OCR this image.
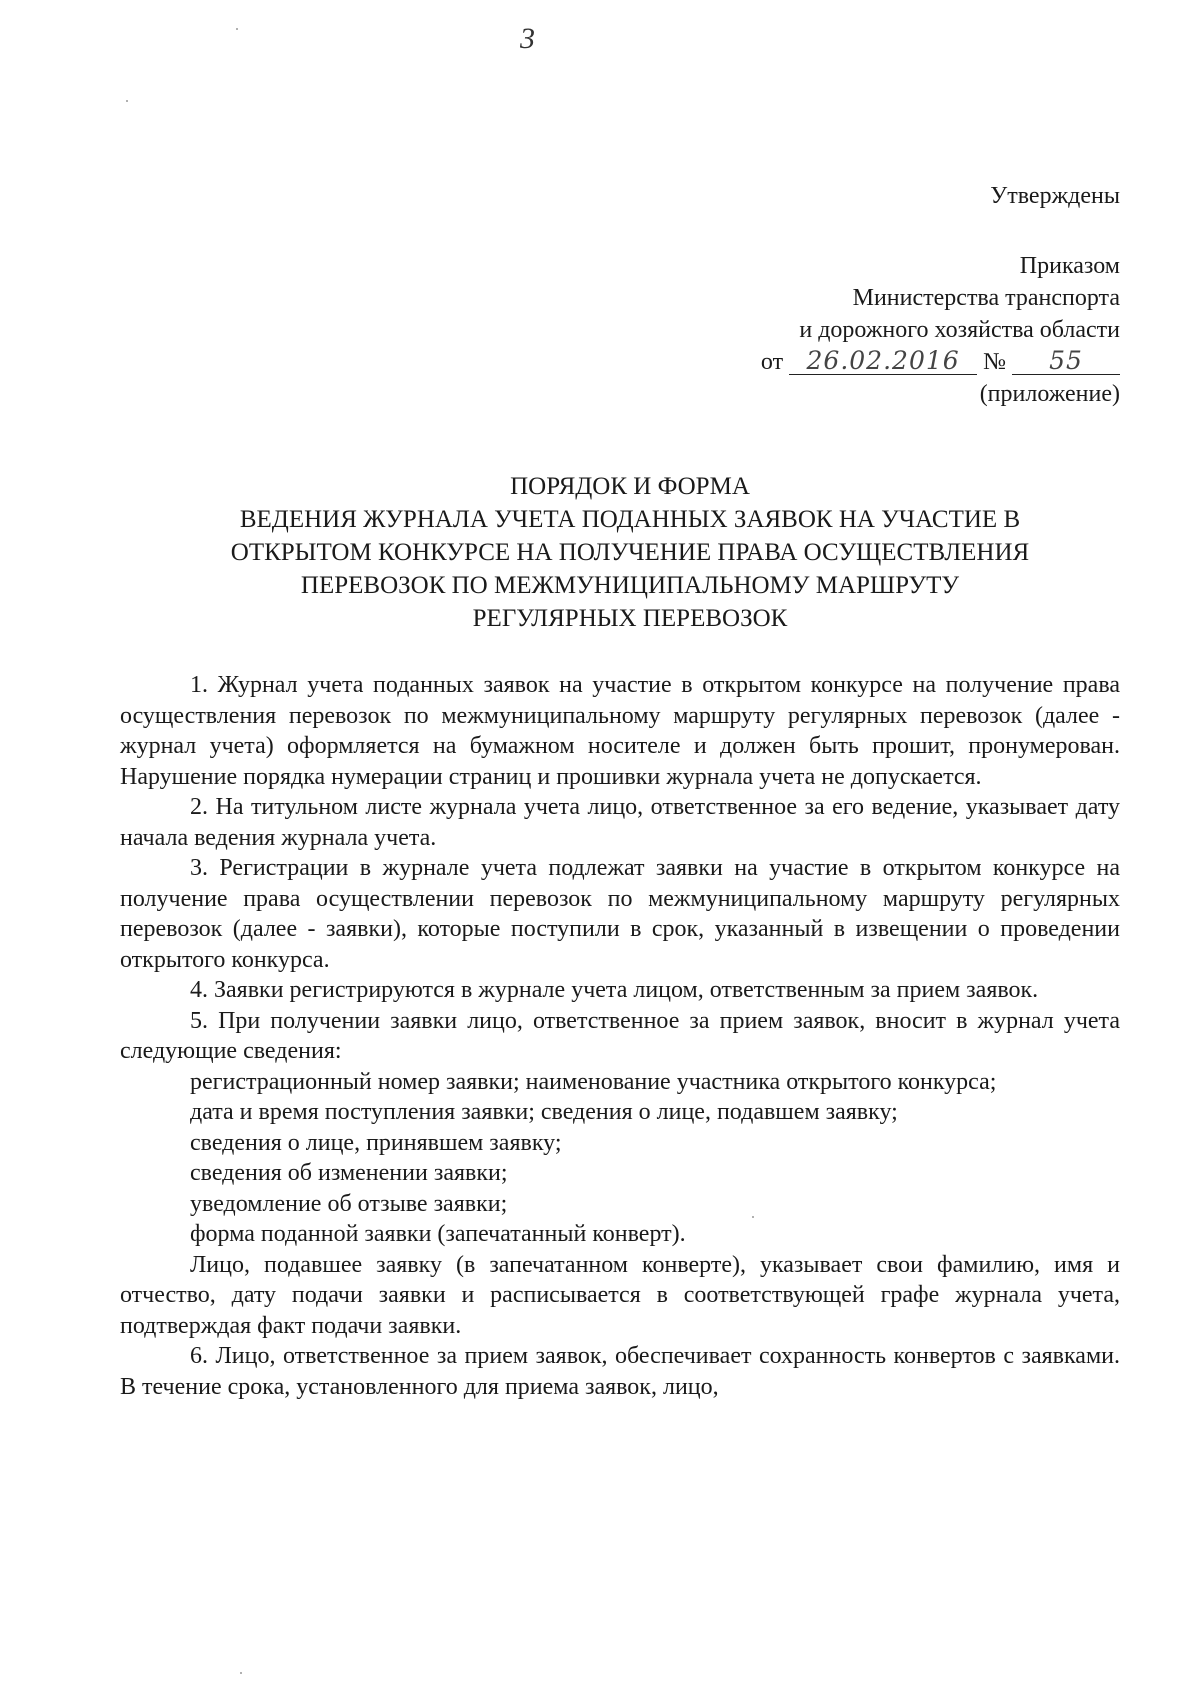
3
Утверждены
Приказом
Министерства транспорта
и дорожного хозяйства области
от 26.02.2016 № 55
(приложение)
ПОРЯДОК И ФОРМА
ВЕДЕНИЯ ЖУРНАЛА УЧЕТА ПОДАННЫХ ЗАЯВОК НА УЧАСТИЕ В
ОТКРЫТОМ КОНКУРСЕ НА ПОЛУЧЕНИЕ ПРАВА ОСУЩЕСТВЛЕНИЯ
ПЕРЕВОЗОК ПО МЕЖМУНИЦИПАЛЬНОМУ МАРШРУТУ
РЕГУЛЯРНЫХ ПЕРЕВОЗОК

1. Журнал учета поданных заявок на участие в открытом конкурсе на получение права осуществления перевозок по межмуниципальному маршруту регулярных перевозок (далее - журнал учета) оформляется на бумажном носителе и должен быть прошит, пронумерован. Нарушение порядка нумерации страниц и прошивки журнала учета не допускается.

2. На титульном листе журнала учета лицо, ответственное за его ведение, указывает дату начала ведения журнала учета.

3. Регистрации в журнале учета подлежат заявки на участие в открытом конкурсе на получение права осуществлении перевозок по межмуниципальному маршруту регулярных перевозок (далее - заявки), которые поступили в срок, указанный в извещении о проведении открытого конкурса.

4. Заявки регистрируются в журнале учета лицом, ответственным за прием заявок.

5. При получении заявки лицо, ответственное за прием заявок, вносит в журнал учета следующие сведения:

регистрационный номер заявки; наименование участника открытого конкурса;

дата и время поступления заявки; сведения о лице, подавшем заявку;

сведения о лице, принявшем заявку;

сведения об изменении заявки;

уведомление об отзыве заявки;

форма поданной заявки (запечатанный конверт).

Лицо, подавшее заявку (в запечатанном конверте), указывает свои фамилию, имя и отчество, дату подачи заявки и расписывается в соответствующей графе журнала учета, подтверждая факт подачи заявки.

6. Лицо, ответственное за прием заявок, обеспечивает сохранность конвертов с заявками. В течение срока, установленного для приема заявок, лицо,
